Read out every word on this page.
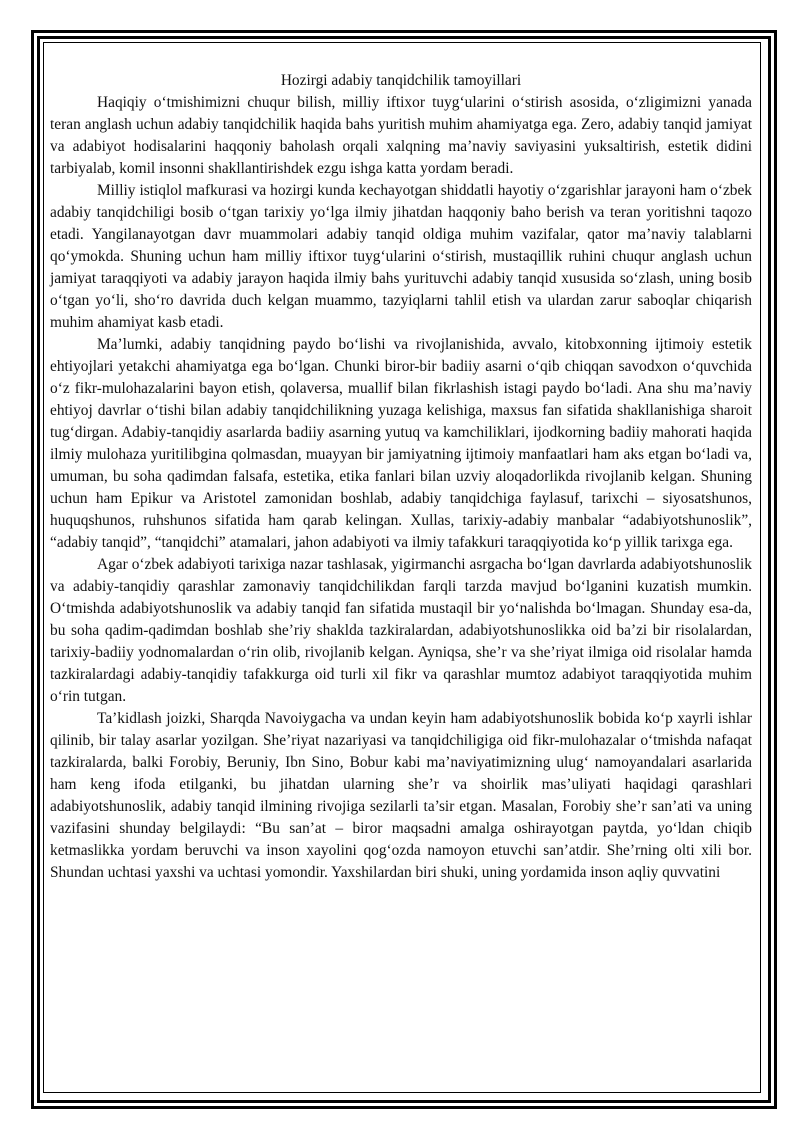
Hozirgi adabiy tanqidchilik tamoyillari

Haqiqiy o‘tmishimizni chuqur bilish, milliy iftixor tuyg‘ularini o‘stirish asosida, o‘zligimizni yanada teran anglash uchun adabiy tanqidchilik haqida bahs yuritish muhim ahamiyatga ega. Zero, adabiy tanqid jamiyat va adabiyot hodisalarini haqqoniy baholash orqali xalqning ma’naviy saviyasini yuksaltirish, estetik didini tarbiyalab, komil insonni shakllantirishdek ezgu ishga katta yordam beradi.

Milliy istiqlol mafkurasi va hozirgi kunda kechayotgan shiddatli hayotiy o‘zgarishlar jarayoni ham o‘zbek adabiy tanqidchiligi bosib o‘tgan tarixiy yo‘lga ilmiy jihatdan haqqoniy baho berish va teran yoritishni taqozo etadi. Yangilanayotgan davr muammolari adabiy tanqid oldiga muhim vazifalar, qator ma’naviy talablarni qo‘ymokda. Shuning uchun ham milliy iftixor tuyg‘ularini o‘stirish, mustaqillik ruhini chuqur anglash uchun jamiyat taraqqiyoti va adabiy jarayon haqida ilmiy bahs yurituvchi adabiy tanqid xususida so‘zlash, uning bosib o‘tgan yo‘li, sho‘ro davrida duch kelgan muammo, tazyiqlarni tahlil etish va ulardan zarur saboqlar chiqarish muhim ahamiyat kasb etadi.

Ma’lumki, adabiy tanqidning paydo bo‘lishi va rivojlanishida, avvalo, kitobxonning ijtimoiy estetik ehtiyojlari yetakchi ahamiyatga ega bo‘lgan. Chunki biror-bir badiiy asarni o‘qib chiqqan savodxon o‘quvchida o‘z fikr-mulohazalarini bayon etish, qolaversa, muallif bilan fikrlashish istagi paydo bo‘ladi. Ana shu ma’naviy ehtiyoj davrlar o‘tishi bilan adabiy tanqidchilikning yuzaga kelishiga, maxsus fan sifatida shakllanishiga sharoit tug‘dirgan. Adabiy-tanqidiy asarlarda badiiy asarning yutuq va kamchiliklari, ijodkorning badiiy mahorati haqida ilmiy mulohaza yuritilibgina qolmasdan, muayyan bir jamiyatning ijtimoiy manfaatlari ham aks etgan bo‘ladi va, umuman, bu soha qadimdan falsafa, estetika, etika fanlari bilan uzviy aloqadorlikda rivojlanib kelgan. Shuning uchun ham Epikur va Aristotel zamonidan boshlab, adabiy tanqidchiga faylasuf, tarixchi – siyosatshunos, huquqshunos, ruhshunos sifatida ham qarab kelingan. Xullas, tarixiy-adabiy manbalar “adabiyotshunoslik”, “adabiy tanqid”, “tanqidchi” atamalari, jahon adabiyoti va ilmiy tafakkuri taraqqiyotida ko‘p yillik tarixga ega.

Agar o‘zbek adabiyoti tarixiga nazar tashlasak, yigirmanchi asrgacha bo‘lgan davrlarda adabiyotshunoslik va adabiy-tanqidiy qarashlar zamonaviy tanqidchilikdan farqli tarzda mavjud bo‘lganini kuzatish mumkin. O‘tmishda adabiyotshunoslik va adabiy tanqid fan sifatida mustaqil bir yo‘nalishda bo‘lmagan. Shunday esa-da, bu soha qadim-qadimdan boshlab she’riy shaklda tazkiralardan, adabiyotshunoslikka oid ba’zi bir risolalardan, tarixiy-badiiy yodnomalardan o‘rin olib, rivojlanib kelgan. Ayniqsa, she’r va she’riyat ilmiga oid risolalar hamda tazkiralardagi adabiy-tanqidiy tafakkurga oid turli xil fikr va qarashlar mumtoz adabiyot taraqqiyotida muhim o‘rin tutgan.

Ta’kidlash joizki, Sharqda Navoiygacha va undan keyin ham adabiyotshunoslik bobida ko‘p xayrli ishlar qilinib, bir talay asarlar yozilgan. She’riyat nazariyasi va tanqidchiligiga oid fikr-mulohazalar o‘tmishda nafaqat tazkiralarda, balki Forobiy, Beruniy, Ibn Sino, Bobur kabi ma’naviyatimizning ulug‘ namoyandalari asarlarida ham keng ifoda etilganki, bu jihatdan ularning she’r va shoirlik mas’uliyati haqidagi qarashlari adabiyotshunoslik, adabiy tanqid ilmining rivojiga sezilarli ta’sir etgan. Masalan, Forobiy she’r san’ati va uning vazifasini shunday belgilaydi: “Bu san’at – biror maqsadni amalga oshirayotgan paytda, yo‘ldan chiqib ketmaslikka yordam beruvchi va inson xayolini qog‘ozda namoyon etuvchi san’atdir. She’rning olti xili bor. Shundan uchtasi yaxshi va uchtasi yomondir. Yaxshilardan biri shuki, uning yordamida inson aqliy quvvatini
